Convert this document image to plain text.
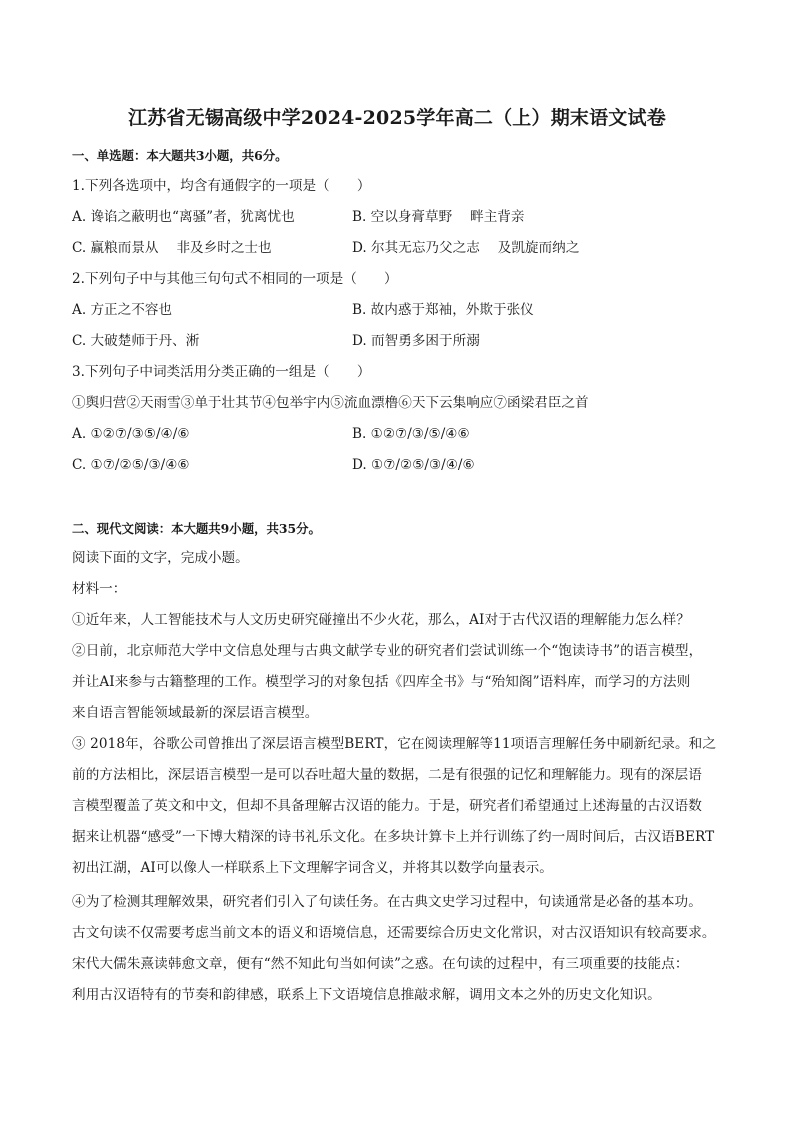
江苏省无锡高级中学2024-2025学年高二（上）期末语文试卷
一、单选题：本大题共3小题，共6分。
1.下列各选项中，均含有通假字的一项是（　　）
A. 谗谄之蔽明也“离骚”者，犹离忧也	B. 空以身膏草野　 畔主背亲
C. 赢粮而景从　 非及乡时之士也	D. 尔其无忘乃父之志　 及凯旋而纳之
2.下列句子中与其他三句句式不相同的一项是（　　）
A. 方正之不容也	B. 故内惑于郑袖，外欺于张仪
C. 大破楚师于丹、淅	D. 而智勇多困于所溺
3.下列句子中词类活用分类正确的一组是（　　）
①舆归营②天雨雪③单于壮其节④包举宇内⑤流血漂橹⑥天下云集响应⑦函梁君臣之首
A. ①②⑦/③⑤/④/⑥	B. ①②⑦/③/⑤/④⑥
C. ①⑦/②⑤/③/④⑥	D. ①⑦/②⑤/③/④/⑥
二、现代文阅读：本大题共9小题，共35分。
阅读下面的文字，完成小题。
材料一：
①近年来，人工智能技术与人文历史研究碰撞出不少火花，那么，AI对于古代汉语的理解能力怎么样？
②日前，北京师范大学中文信息处理与古典文献学专业的研究者们尝试训练一个“饱读诗书”的语言模型，
并让AI来参与古籍整理的工作。模型学习的对象包括《四库全书》与“殆知阁”语料库，而学习的方法则
来自语言智能领域最新的深层语言模型。
③ 2018年，谷歌公司曾推出了深层语言模型BERT，它在阅读理解等11项语言理解任务中刷新纪录。和之
前的方法相比，深层语言模型一是可以吞吐超大量的数据，二是有很强的记忆和理解能力。现有的深层语
言模型覆盖了英文和中文，但却不具备理解古汉语的能力。于是，研究者们希望通过上述海量的古汉语数
据来让机器“感受”一下博大精深的诗书礼乐文化。在多块计算卡上并行训练了约一周时间后，古汉语BERT
初出江湖，AI可以像人一样联系上下文理解字词含义，并将其以数学向量表示。
④为了检测其理解效果，研究者们引入了句读任务。在古典文史学习过程中，句读通常是必备的基本功。
古文句读不仅需要考虑当前文本的语义和语境信息，还需要综合历史文化常识，对古汉语知识有较高要求。
宋代大儒朱熹读韩愈文章，便有“然不知此句当如何读”之惑。在句读的过程中，有三项重要的技能点：
利用古汉语特有的节奏和韵律感，联系上下文语境信息推敲求解，调用文本之外的历史文化知识。
